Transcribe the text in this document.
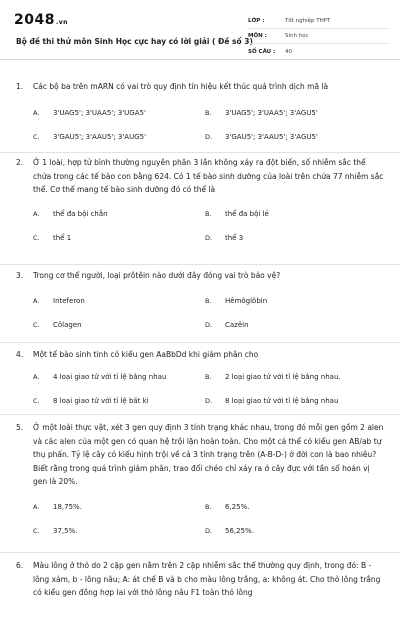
2048.vn
Bộ đề thi thử môn Sinh Học cực hay có lời giải ( Đề số 3)
LỚP :	Tốt nghiệp THPT
MÔN :	Sinh học
SỐ CÂU :	40
1.	Các bộ ba trên mARN có vai trò quy định tín hiệu kết thúc quá trình dịch mã là
A.	3'UAG5'; 3'UAA5'; 3'UGA5'	B.	3'UAG5'; 3'UAA5'; 3'AGU5'
C.	3'GAU5'; 3'AAU5'; 3'AUG5'	D.	3'GAU5'; 3'AAU5'; 3'AGU5'
2.	Ở 1 loài, hợp tử bình thường nguyên phân 3 lần không xảy ra đột biến, số nhiễm sắc thể chứa trong các tế bào con bằng 624. Có 1 tế bào sinh dưỡng của loài trên chứa 77 nhiễm sắc thể. Cơ thể mang tế bào sinh dưỡng đó có thể là
A.	thể đa bội chẵn	B.	thể đa bội lẻ
C.	thể 1	D.	thể 3
3.	Trong cơ thể người, loại prôtêin nào dưới đây đóng vai trò bảo vệ?
A.	Inteferon	B.	Hêmôglôbin
C.	Côlagen	D.	Cazêin
4.	Một tế bào sinh tinh có kiểu gen AaBbDd khi giảm phân cho
A.	4 loại giao tử với tỉ lệ bằng nhau	B.	2 loại giao tử với tỉ lệ bằng nhau.
C.	8 loại giao tử với tỉ lệ bất kì	D.	8 loại giao tử với tỉ lệ bằng nhau
5.	Ở một loài thực vật, xét 3 gen quy định 3 tính trạng khác nhau, trong đó mỗi gen gồm 2 alen và các alen của một gen có quan hệ trội lặn hoàn toàn. Cho một cá thể có kiểu gen AB/ab tự thụ phấn. Tỷ lệ cây có kiểu hình trội về cả 3 tính trạng trên (A-B-D-) ở đời con là bao nhiêu? Biết rằng trong quá trình giảm phân, trao đổi chéo chỉ xảy ra ở cây đực với tần số hoán vị gen là 20%.
A.	18,75%.	B.	6,25%.
C.	37,5%.	D.	56,25%.
6.	Màu lông ở thỏ do 2 cặp gen nằm trên 2 cặp nhiễm sắc thể thường quy định, trong đó: B - lông xám, b - lông nâu; A: át chế B và b cho màu lông trắng, a: không át. Cho thỏ lông trắng có kiểu gen đồng hợp lai với thỏ lông nâu F1 toàn thỏ lông
